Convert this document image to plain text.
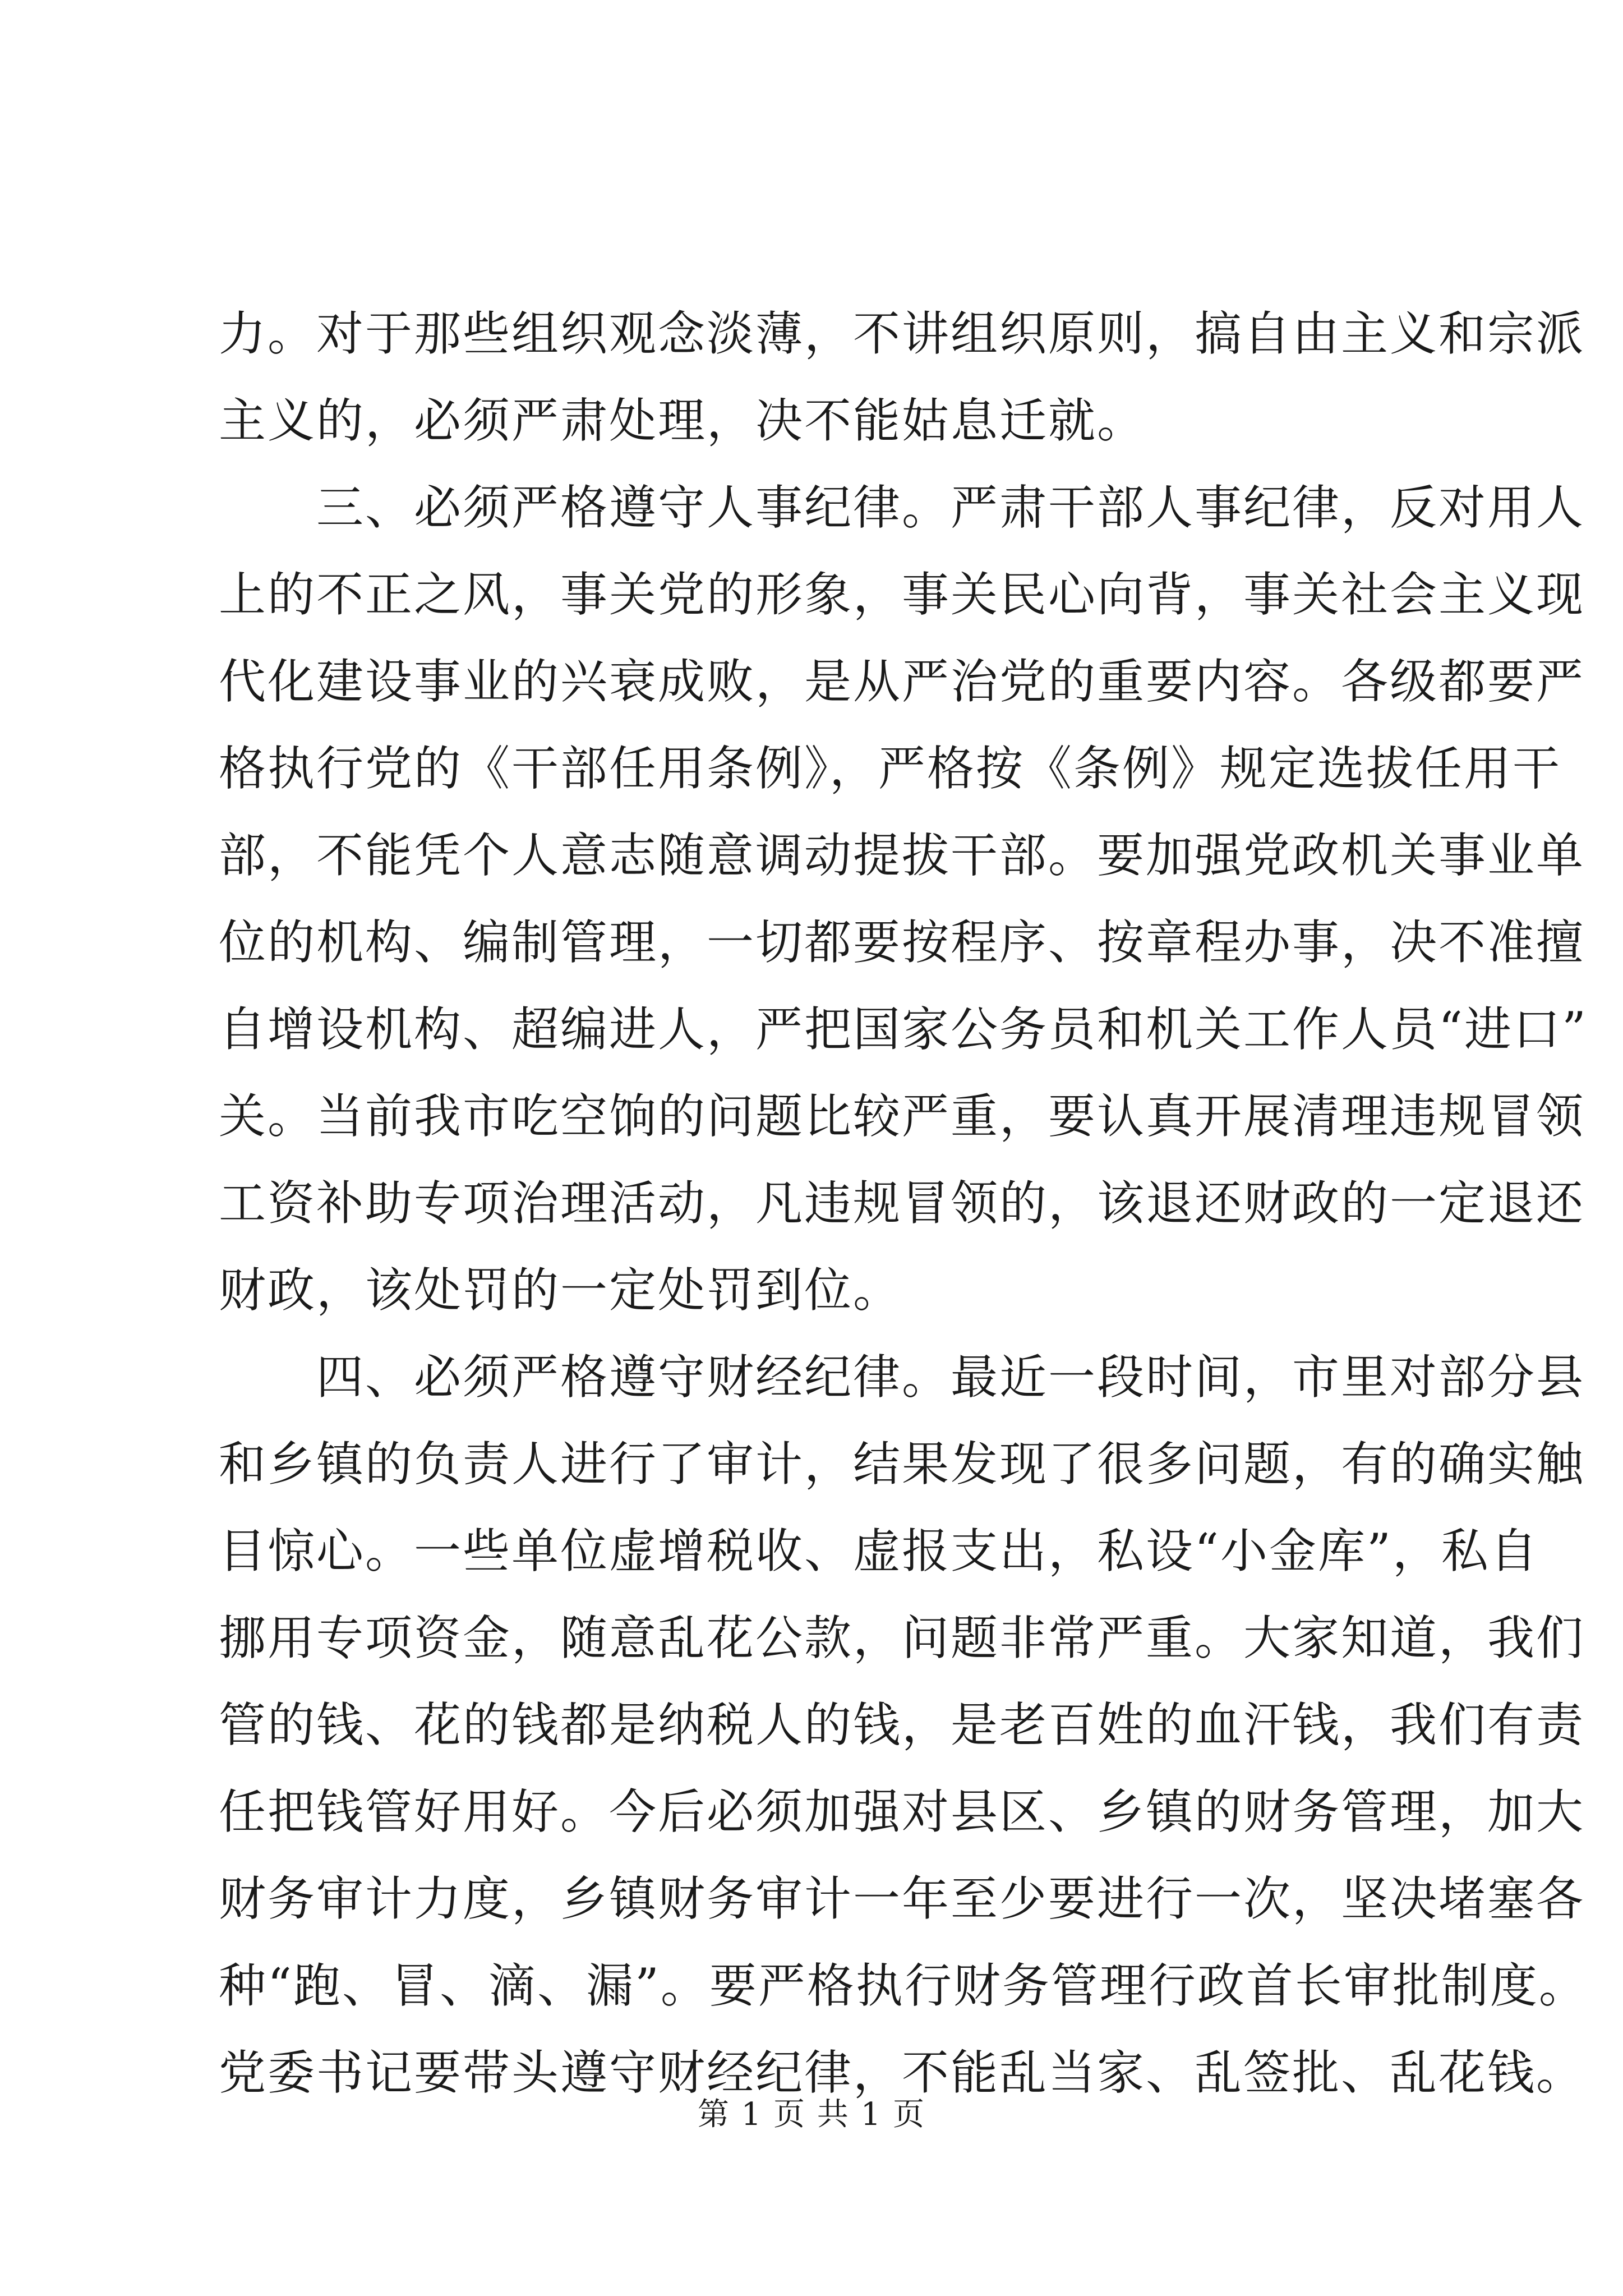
力。对于那些组织观念淡薄，不讲组织原则，搞自由主义和宗派
主义的，必须严肃处理，决不能姑息迁就。
　　三、必须严格遵守人事纪律。严肃干部人事纪律，反对用人
上的不正之风，事关党的形象，事关民心向背，事关社会主义现
代化建设事业的兴衰成败，是从严治党的重要内容。各级都要严
格执行党的《干部任用条例》，严格按《条例》规定选拔任用干
部，不能凭个人意志随意调动提拔干部。要加强党政机关事业单
位的机构、编制管理，一切都要按程序、按章程办事，决不准擅
自增设机构、超编进人，严把国家公务员和机关工作人员“进口”
关。当前我市吃空饷的问题比较严重，要认真开展清理违规冒领
工资补助专项治理活动，凡违规冒领的，该退还财政的一定退还
财政，该处罚的一定处罚到位。
　　四、必须严格遵守财经纪律。最近一段时间，市里对部分县
和乡镇的负责人进行了审计，结果发现了很多问题，有的确实触
目惊心。一些单位虚增税收、虚报支出，私设“小金库”，私自
挪用专项资金，随意乱花公款，问题非常严重。大家知道，我们
管的钱、花的钱都是纳税人的钱，是老百姓的血汗钱，我们有责
任把钱管好用好。今后必须加强对县区、乡镇的财务管理，加大
财务审计力度，乡镇财务审计一年至少要进行一次，坚决堵塞各
种“跑、冒、滴、漏”。要严格执行财务管理行政首长审批制度。
党委书记要带头遵守财经纪律，不能乱当家、乱签批、乱花钱。
第 1 页 共 1 页
